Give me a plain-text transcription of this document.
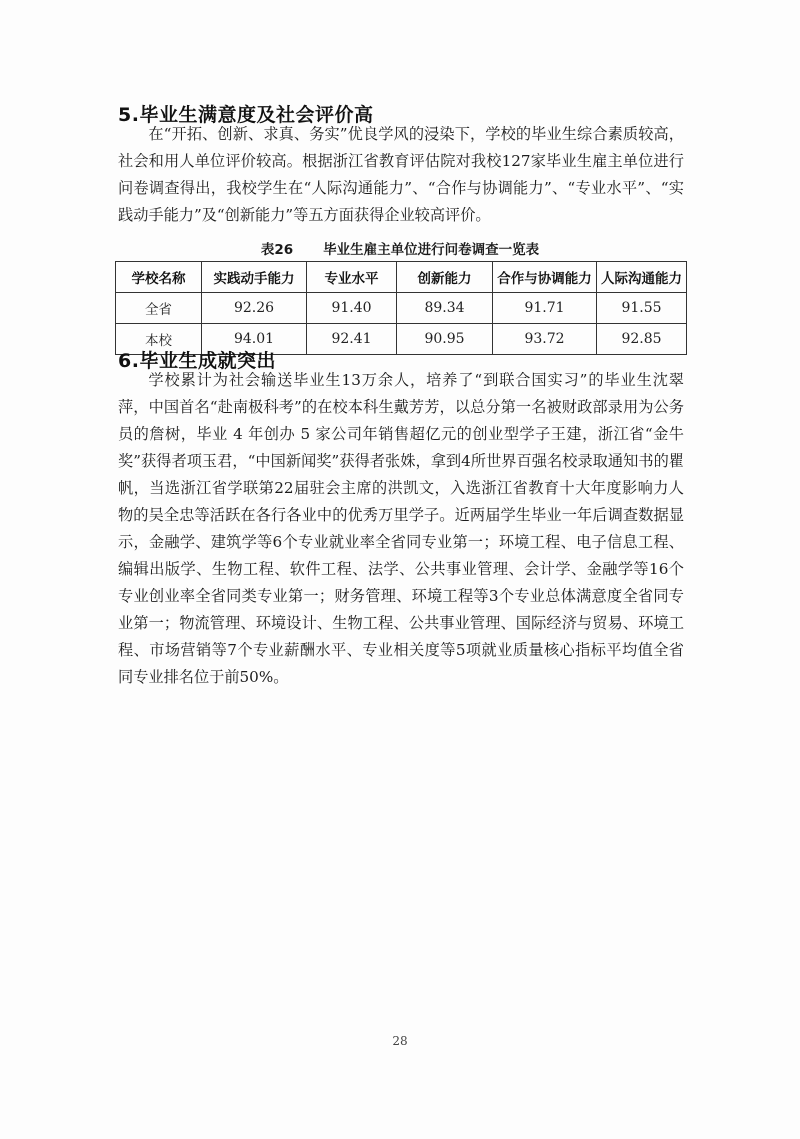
5.毕业生满意度及社会评价高

在“开拓、创新、求真、务实”优良学风的浸染下，学校的毕业生综合素质较高，社会和用人单位评价较高。根据浙江省教育评估院对我校127家毕业生雇主单位进行问卷调查得出，我校学生在“人际沟通能力”、“合作与协调能力”、“专业水平”、“实践动手能力”及“创新能力”等五方面获得企业较高评价。

表26 毕业生雇主单位进行问卷调查一览表
学校名称	实践动手能力	专业水平	创新能力	合作与协调能力	人际沟通能力
全省	92.26	91.40	89.34	91.71	91.55
本校	94.01	92.41	90.95	93.72	92.85
6.毕业生成就突出

学校累计为社会输送毕业生13万余人，培养了“到联合国实习”的毕业生沈翠萍，中国首名“赴南极科考”的在校本科生戴芳芳，以总分第一名被财政部录用为公务员的詹树，毕业 4 年创办 5 家公司年销售超亿元的创业型学子王建，浙江省“金牛奖”获得者项玉君，“中国新闻奖”获得者张姝，拿到4所世界百强名校录取通知书的瞿帆，当选浙江省学联第22届驻会主席的洪凯文，入选浙江省教育十大年度影响力人物的吴全忠等活跃在各行各业中的优秀万里学子。近两届学生毕业一年后调查数据显示，金融学、建筑学等6个专业就业率全省同专业第一；环境工程、电子信息工程、编辑出版学、生物工程、软件工程、法学、公共事业管理、会计学、金融学等16个专业创业率全省同类专业第一；财务管理、环境工程等3个专业总体满意度全省同专业第一；物流管理、环境设计、生物工程、公共事业管理、国际经济与贸易、环境工程、市场营销等7个专业薪酬水平、专业相关度等5项就业质量核心指标平均值全省同专业排名位于前50%。

28
